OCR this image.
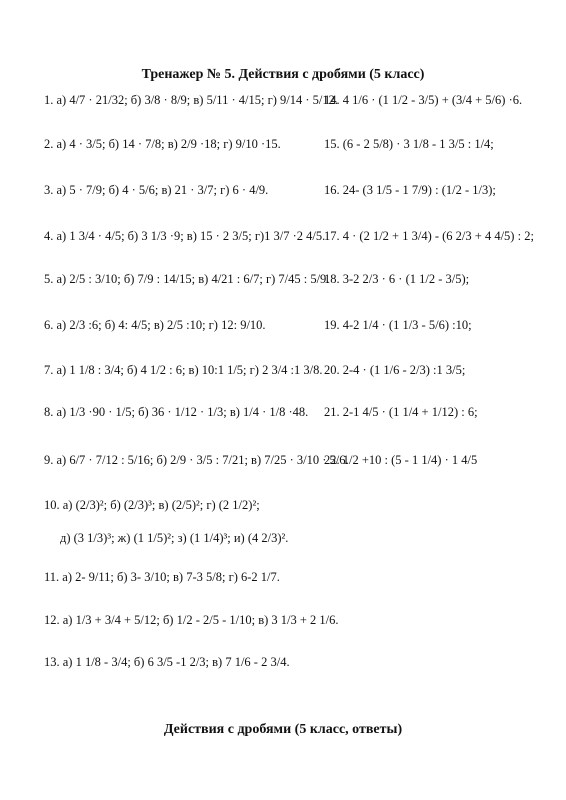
Тренажер № 5. Действия с дробями (5 класс)
1. а) 4/7 · 21/32; б) 3/8 · 8/9; в) 5/11 · 4/15; г) 9/14 · 5/12.
2. а) 4 · 3/5; б) 14 · 7/8; в) 2/9 ·18; г) 9/10 ·15.
3. а) 5 · 7/9; б) 4 · 5/6; в) 21 · 3/7; г) 6 · 4/9.
4. а) 1 3/4 · 4/5; б) 3 1/3 ·9; в) 15 · 2 3/5; г)1 3/7 ·2 4/5.
5. а) 2/5 : 3/10; б) 7/9 : 14/15; в) 4/21 : 6/7; г) 7/45 : 5/9.
6. а) 2/3 :6; б) 4: 4/5; в) 2/5 :10; г) 12: 9/10.
7. а) 1 1/8 : 3/4; б) 4 1/2 : 6; в) 10:1 1/5; г) 2 3/4 :1 3/8.
8. а) 1/3 ·90 · 1/5; б) 36 · 1/12 · 1/3; в) 1/4 · 1/8 ·48.
9. а) 6/7 · 7/12 : 5/16; б) 2/9 · 3/5 : 7/21; в) 7/25 · 3/10 · 5/6.
10. а) (2/3)²; б) (2/3)³; в) (2/5)²; г) (2 1/2)²;
д) (3 1/3)³; ж) (1 1/5)²; з) (1 1/4)³; и) (4 2/3)².
11. а) 2- 9/11; б) 3- 3/10; в) 7-3 5/8; г) 6-2 1/7.
12. а) 1/3 + 3/4 + 5/12; б) 1/2 - 2/5 - 1/10; в) 3 1/3 + 2 1/6.
13. а) 1 1/8 - 3/4; б) 6 3/5 -1 2/3; в) 7 1/6 - 2 3/4.
14. 4 1/6 · (1 1/2 - 3/5) + (3/4 + 5/6) ·6.
15. (6 - 2 5/8) · 3 1/8 - 1 3/5 : 1/4;
16. 24- (3 1/5 - 1 7/9) : (1/2 - 1/3);
17. 4 · (2 1/2 + 1 3/4) - (6 2/3 + 4 4/5) : 2;
18. 3-2 2/3 · 6 · (1 1/2 - 3/5);
19. 4-2 1/4 · (1 1/3 - 5/6) :10;
20. 2-4 · (1 1/6 - 2/3) :1 3/5;
21. 2-1 4/5 · (1 1/4 + 1/12) : 6;
22. 1/2 +10 : (5 - 1 1/4) · 1 4/5
Действия с дробями (5 класс, ответы)
